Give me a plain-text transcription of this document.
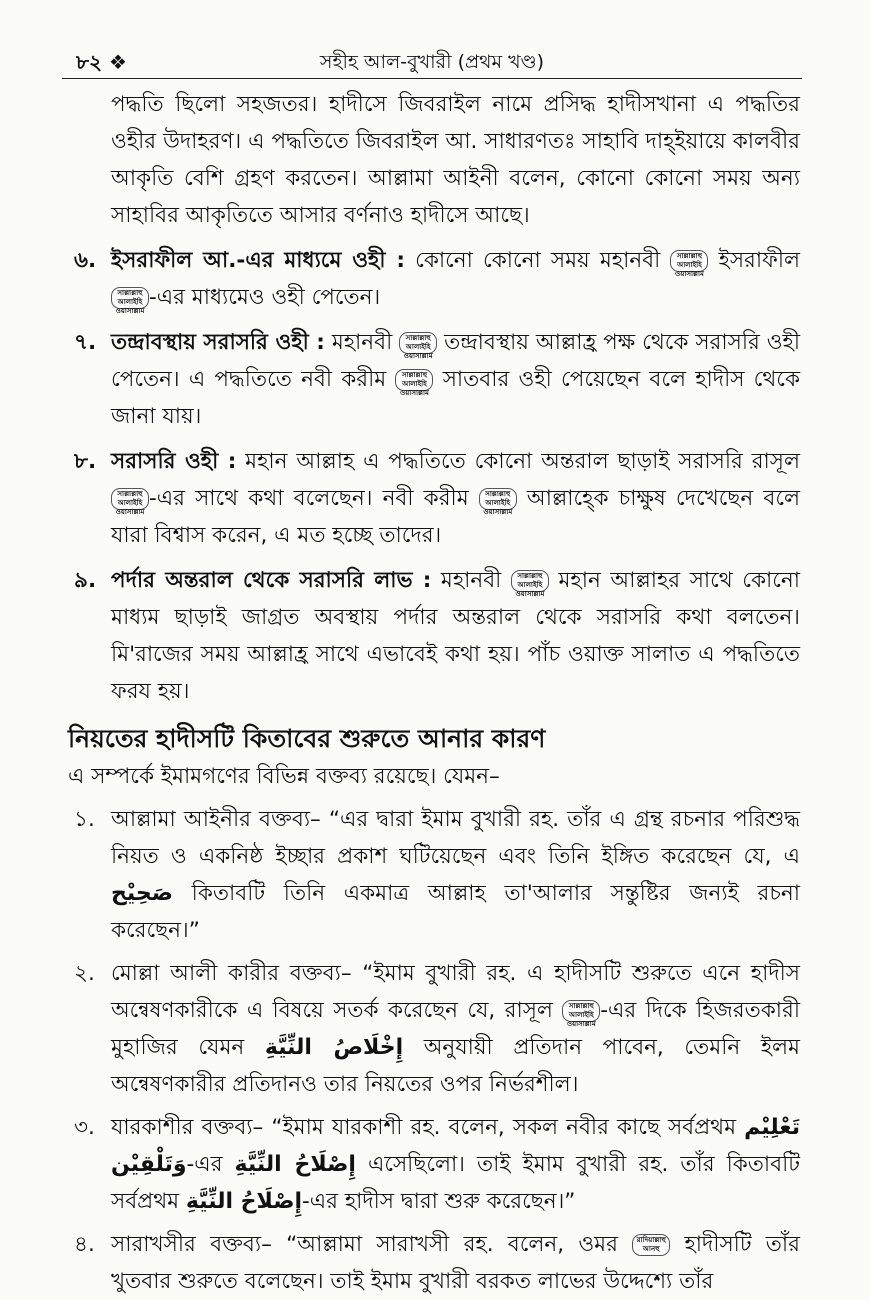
৮২ ❖	সহীহ আল-বুখারী (প্রথম খণ্ড)

পদ্ধতি ছিলো সহজতর। হাদীসে জিবরাইল নামে প্রসিদ্ধ হাদীসখানা এ পদ্ধতির ওহীর উদাহরণ। এ পদ্ধতিতে জিবরাইল আ. সাধারণতঃ সাহাবি দাহ্ইয়ায়ে কালবীর আকৃতি বেশি গ্রহণ করতেন। আল্লামা আইনী বলেন, কোনো কোনো সময় অন্য সাহাবির আকৃতিতে আসার বর্ণনাও হাদীসে আছে।

৬. ইসরাফীল আ.-এর মাধ্যমে ওহী : কোনো কোনো সময় মহানবী সাল্লাল্লাহু আলাইহি ওয়াসাল্লাম ইসরাফীল সাল্লাল্লাহু আলাইহি ওয়াসাল্লাম-এর মাধ্যমেও ওহী পেতেন।

৭. তন্দ্রাবস্থায় সরাসরি ওহী : মহানবী সাল্লাল্লাহু আলাইহি ওয়াসাল্লাম তন্দ্রাবস্থায় আল্লাহ্র পক্ষ থেকে সরাসরি ওহী পেতেন। এ পদ্ধতিতে নবী করীম সাল্লাল্লাহু আলাইহি ওয়াসাল্লাম সাতবার ওহী পেয়েছেন বলে হাদীস থেকে জানা যায়।

৮. সরাসরি ওহী : মহান আল্লাহ এ পদ্ধতিতে কোনো অন্তরাল ছাড়াই সরাসরি রাসূল সাল্লাল্লাহু আলাইহি ওয়াসাল্লাম-এর সাথে কথা বলেছেন। নবী করীম সাল্লাল্লাহু আলাইহি ওয়াসাল্লাম আল্লাহ্কে চাক্ষুষ দেখেছেন বলে যারা বিশ্বাস করেন, এ মত হচ্ছে তাদের।

৯. পর্দার অন্তরাল থেকে সরাসরি লাভ : মহানবী সাল্লাল্লাহু আলাইহি ওয়াসাল্লাম মহান আল্লাহর সাথে কোনো মাধ্যম ছাড়াই জাগ্রত অবস্থায় পর্দার অন্তরাল থেকে সরাসরি কথা বলতেন। মি'রাজের সময় আল্লাহ্র সাথে এভাবেই কথা হয়। পাঁচ ওয়াক্ত সালাত এ পদ্ধতিতে ফরয হয়।

নিয়তের হাদীসটি কিতাবের শুরুতে আনার কারণ
এ সম্পর্কে ইমামগণের বিভিন্ন বক্তব্য রয়েছে। যেমন–
১. আল্লামা আইনীর বক্তব্য– “এর দ্বারা ইমাম বুখারী রহ. তাঁর এ গ্রন্থ রচনার পরিশুদ্ধ নিয়ত ও একনিষ্ঠ ইচ্ছার প্রকাশ ঘটিয়েছেন এবং তিনি ইঙ্গিত করেছেন যে, এ صَحِيْح কিতাবটি তিনি একমাত্র আল্লাহ তা'আলার সন্তুষ্টির জন্যই রচনা করেছেন।”

২. মোল্লা আলী কারীর বক্তব্য– “ইমাম বুখারী রহ. এ হাদীসটি শুরুতে এনে হাদীস অন্বেষণকারীকে এ বিষয়ে সতর্ক করেছেন যে, রাসূল সাল্লাল্লাহু আলাইহি ওয়াসাল্লাম-এর দিকে হিজরতকারী মুহাজির যেমন إِخْلَاصُ النِّيَّةِ অনুযায়ী প্রতিদান পাবেন, তেমনি ইলম অন্বেষণকারীর প্রতিদানও তার নিয়তের ওপর নির্ভরশীল।

৩. যারকাশীর বক্তব্য– “ইমাম যারকাশী রহ. বলেন, সকল নবীর কাছে সর্বপ্রথম تَعْلِيْم وَتَلْقِيْن-এর إِصْلَاحُ النِّيَّةِ এসেছিলো। তাই ইমাম বুখারী রহ. তাঁর কিতাবটি সর্বপ্রথম إِصْلَاحُ النِّيَّةِ-এর হাদীস দ্বারা শুরু করেছেন।”

৪. সারাখসীর বক্তব্য– “আল্লামা সারাখসী রহ. বলেন, ওমর রাদিয়াল্লাহু আনহু হাদীসটি তাঁর খুতবার শুরুতে বলেছেন। তাই ইমাম বুখারী বরকত লাভের উদ্দেশ্যে তাঁর
